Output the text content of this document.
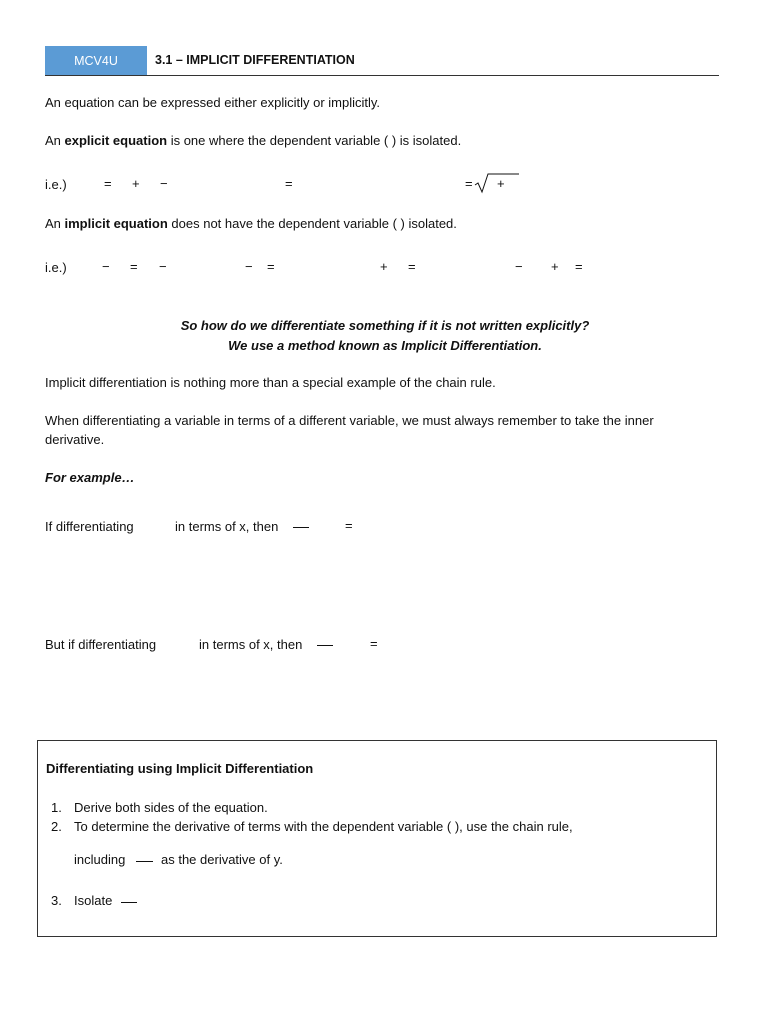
MCV4U	3.1 – IMPLICIT DIFFERENTIATION
An equation can be expressed either explicitly or implicitly.
An explicit equation is one where the dependent variable ( ) is isolated.
i.e.)	= + −	=	= +
An implicit equation does not have the dependent variable ( ) isolated.
i.e.)	− = −	− =	+ =	− + =
So how do we differentiate something if it is not written explicitly?
We use a method known as Implicit Differentiation.
Implicit differentiation is nothing more than a special example of the chain rule.
When differentiating a variable in terms of a different variable, we must always remember to take the inner
derivative.
For example…
If differentiating	in terms of x, then	=
But if differentiating	in terms of x, then	=
Differentiating using Implicit Differentiation
1. Derive both sides of the equation.
2. To determine the derivative of terms with the dependent variable ( ), use the chain rule,
including	as the derivative of y.
3. Isolate
